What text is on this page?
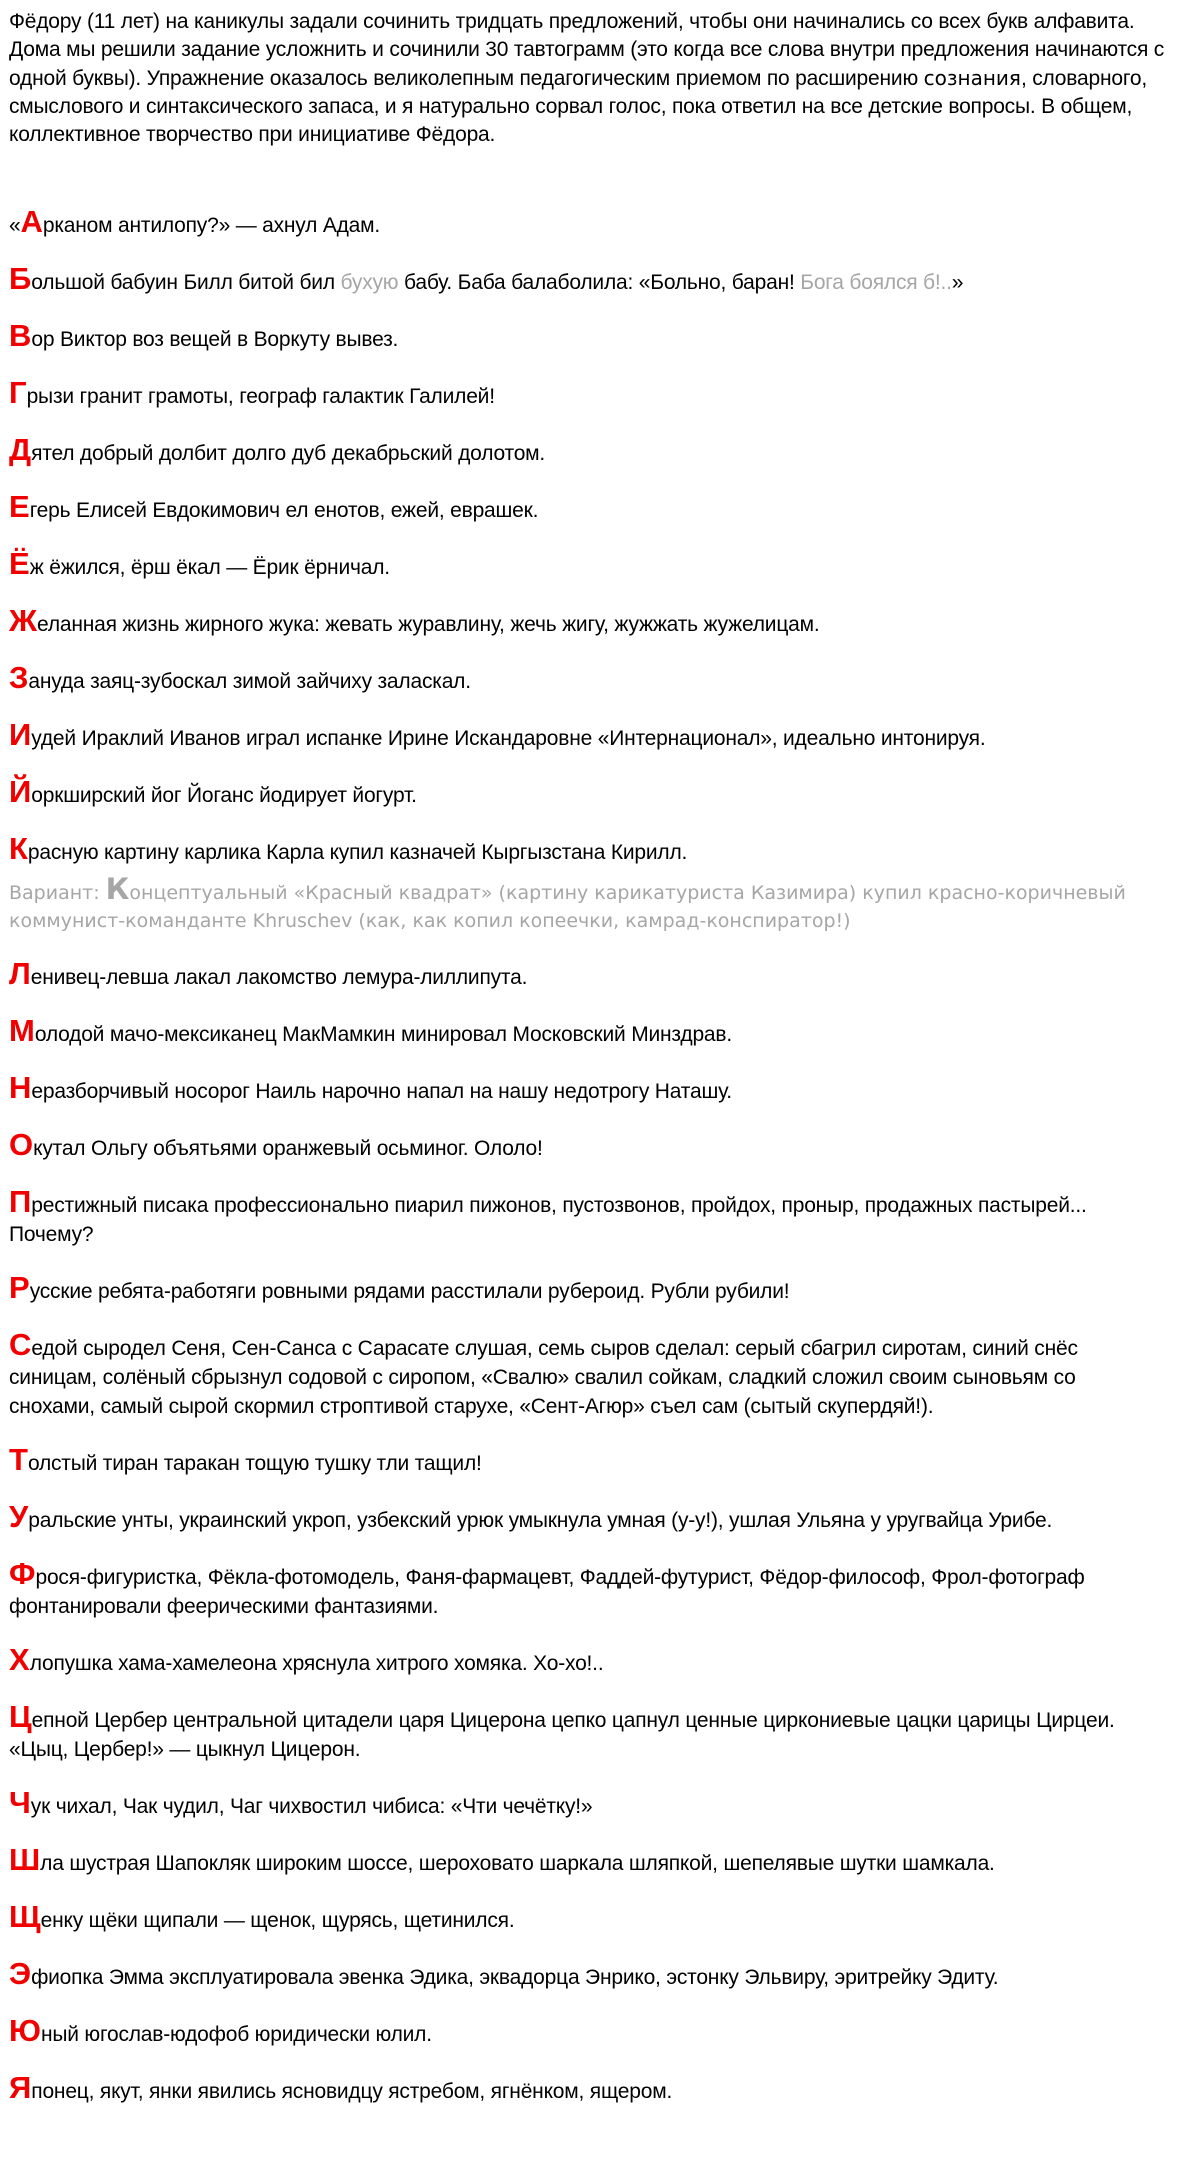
Фёдору (11 лет) на каникулы задали сочинить тридцать предложений, чтобы они начинались со всех букв алфавита. Дома мы решили задание усложнить и сочинили 30 тавтограмм (это когда все слова внутри предложения начинаются с одной буквы). Упражнение оказалось великолепным педагогическим приемом по расширению сознания, словарного, смыслового и синтаксического запаса, и я натурально сорвал голос, пока ответил на все детские вопросы. В общем, коллективное творчество при инициативе Фёдора.

«Арканом антилопу?» — ахнул Адам.

Большой бабуин Билл битой бил бухую бабу. Баба балаболила: «Больно, баран! Бога боялся б!..»

Вор Виктор воз вещей в Воркуту вывез.

Грызи гранит грамоты, географ галактик Галилей!

Дятел добрый долбит долго дуб декабрьский долотом.

Егерь Елисей Евдокимович ел енотов, ежей, еврашек.

Ёж ёжился, ёрш ёкал — Ёрик ёрничал.

Желанная жизнь жирного жука: жевать журавлину, жечь жигу, жужжать жужелицам.

Зануда заяц-зубоскал зимой зайчиху заласкал.

Иудей Ираклий Иванов играл испанке Ирине Искандаровне «Интернационал», идеально интонируя.

Йоркширский йог Йоганс йодирует йогурт.

Красную картину карлика Карла купил казначей Кыргызстана Кирилл.

Вариант: Концептуальный «Красный квадрат» (картину карикатуриста Казимира) купил красно-коричневый коммунист-команданте Khruschev (как, как копил копеечки, камрад-конспиратор!)

Ленивец-левша лакал лакомство лемура-лиллипута.

Молодой мачо-мексиканец МакМамкин минировал Московский Минздрав.

Неразборчивый носорог Наиль нарочно напал на нашу недотрогу Наташу.

Окутал Ольгу объятьями оранжевый осьминог. Ололо!

Престижный писака профессионально пиарил пижонов, пустозвонов, пройдох, проныр, продажных пастырей... Почему?

Русские ребята-работяги ровными рядами расстилали рубероид. Рубли рубили!

Седой сыродел Сеня, Сен-Санса с Сарасате слушая, семь сыров сделал: серый сбагрил сиротам, синий снёс синицам, солёный сбрызнул содовой с сиропом, «Свалю» свалил сойкам, сладкий сложил своим сыновьям со снохами, самый сырой скормил строптивой старухе, «Сент-Агюр» съел сам (сытый скупердяй!).

Толстый тиран таракан тощую тушку тли тащил!

Уральские унты, украинский укроп, узбекский урюк умыкнула умная (у-у!), ушлая Ульяна у уругвайца Урибе.

Фрося-фигуристка, Фёкла-фотомодель, Фаня-фармацевт, Фаддей-футурист, Фёдор-философ, Фрол-фотограф фонтанировали феерическими фантазиями.

Хлопушка хама-хамелеона хряснула хитрого хомяка. Хо-хо!..

Цепной Цербер центральной цитадели царя Цицерона цепко цапнул ценные циркониевые цацки царицы Цирцеи. «Цыц, Цербер!» — цыкнул Цицерон.

Чук чихал, Чак чудил, Чаг чихвостил чибиса: «Чти чечётку!»

Шла шустрая Шапокляк широким шоссе, шероховато шаркала шляпкой, шепелявые шутки шамкала.

Щенку щёки щипали — щенок, щурясь, щетинился.

Эфиопка Эмма эксплуатировала эвенка Эдика, эквадорца Энрико, эстонку Эльвиру, эритрейку Эдиту.

Юный югослав-юдофоб юридически юлил.

Японец, якут, янки явились ясновидцу ястребом, ягнёнком, ящером.
